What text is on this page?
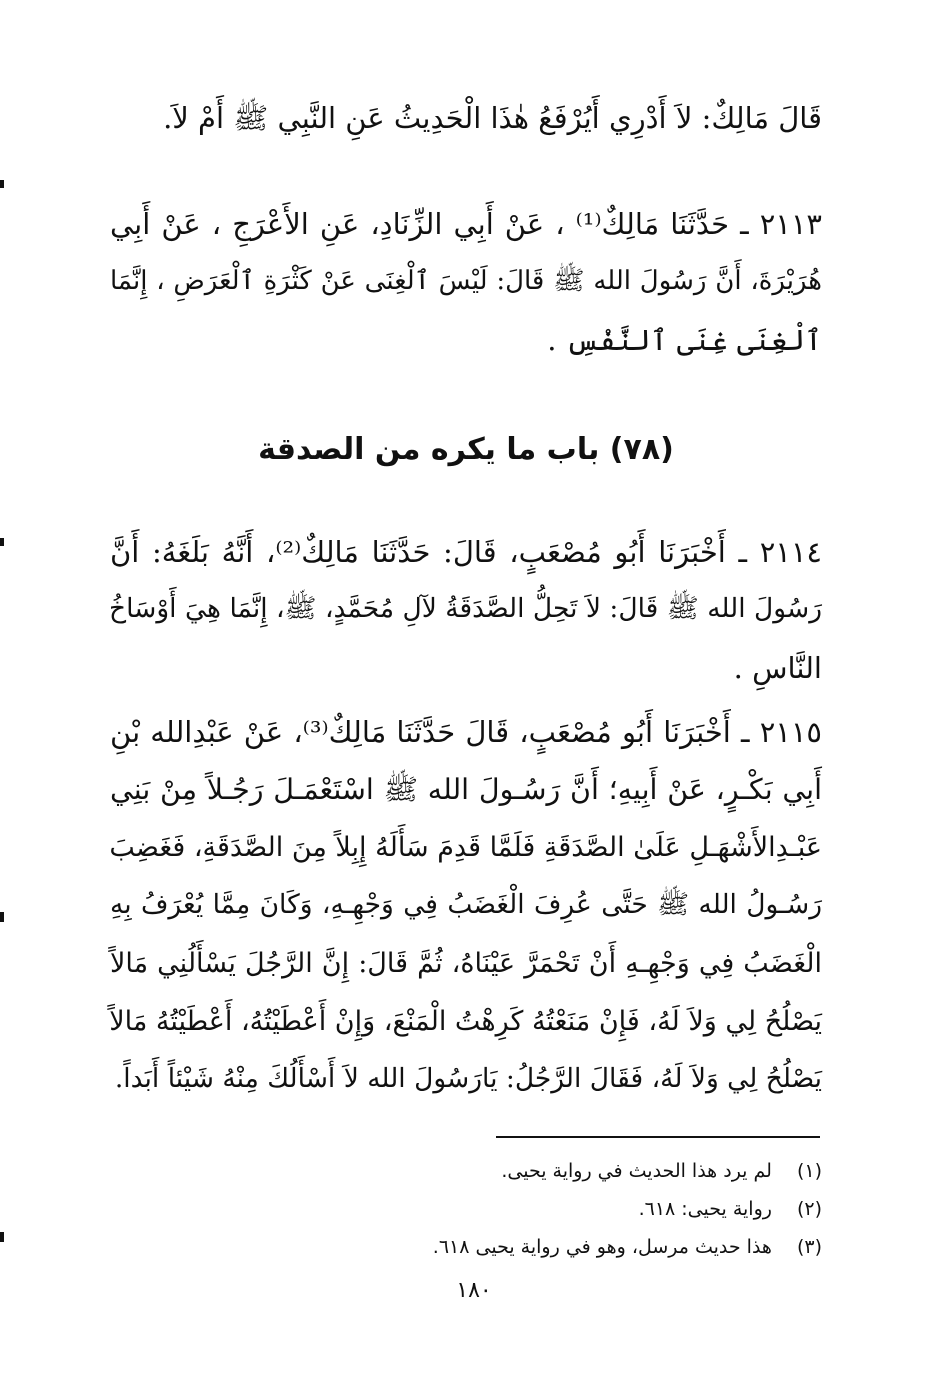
قَالَ مَالِكٌ: لاَ أَدْرِي أَيُرْفَعُ هٰذَا الْحَدِيثُ عَنِ النَّبِي ﷺ أَمْ لاَ.
٢١١٣ ـ حَدَّثَنَا مَالِكٌ⁽¹⁾ ، عَنْ أَبِي الزِّنَادِ، عَنِ الأَعْرَجِ ، عَنْ أَبِي
هُرَيْرَةَ، أَنَّ رَسُولَ الله ﷺ قَالَ: لَيْسَ ٱلْغِنَى عَنْ كَثْرَةِ ٱلْعَرَضِ ، إِنَّمَا
ٱلْغِنَى غِنَى ٱلنَّفْسِ .
(٧٨) باب ما يكره من الصدقة
٢١١٤ ـ أَخْبَرَنَا أَبُو مُصْعَبٍ، قَالَ: حَدَّثَنَا مَالِكٌ⁽²⁾، أَنَّهُ بَلَغَهُ: أَنَّ
رَسُولَ الله ﷺ قَالَ: لاَ تَحِلُّ الصَّدَقَةُ لآلِ مُحَمَّدٍ، ﷺ، إِنَّمَا هِيَ أَوْسَاخُ
النَّاسِ .
٢١١٥ ـ أَخْبَرَنَا أَبُو مُصْعَبٍ، قَالَ حَدَّثَنَا مَالِكٌ⁽³⁾، عَنْ عَبْدِالله بْنِ
أَبِي بَكْـرٍ، عَنْ أَبِيهِ؛ أَنَّ رَسُـولَ الله ﷺ اسْتَعْمَـلَ رَجُـلاً مِنْ بَنِي
عَبْـدِالأَشْهَـلِ عَلَىٰ الصَّدَقَةِ فَلَمَّا قَدِمَ سَأَلَهُ إِبِلاً مِنَ الصَّدَقَةِ، فَغَضِبَ
رَسُـولُ الله ﷺ حَتَّى عُرِفَ الْغَضَبُ فِي وَجْهِـهِ، وَكَانَ مِمَّا يُعْرَفُ بِهِ
الْغَضَبُ فِي وَجْهِـهِ أَنْ تَحْمَرَّ عَيْنَاهُ، ثُمَّ قَالَ: إِنَّ الرَّجُلَ يَسْأَلُنِي مَالاً
يَصْلُحُ لِي وَلاَ لَهُ، فَإِنْ مَنَعْتُهُ كَرِهْتُ الْمَنْعَ، وَإِنْ أَعْطَيْتُهُ، أَعْطَيْتُهُ مَالاً
يَصْلُحُ لِي وَلاَ لَهُ، فَقَالَ الرَّجُلُ: يَارَسُولَ الله لاَ أَسْأَلُكَ مِنْهُ شَيْئاً أَبَداً.
(١) لم يرد هذا الحديث في رواية يحيى.
(٢) رواية يحيى: ٦١٨.
(٣) هذا حديث مرسل، وهو في رواية يحيى ٦١٨.
١٨٠
